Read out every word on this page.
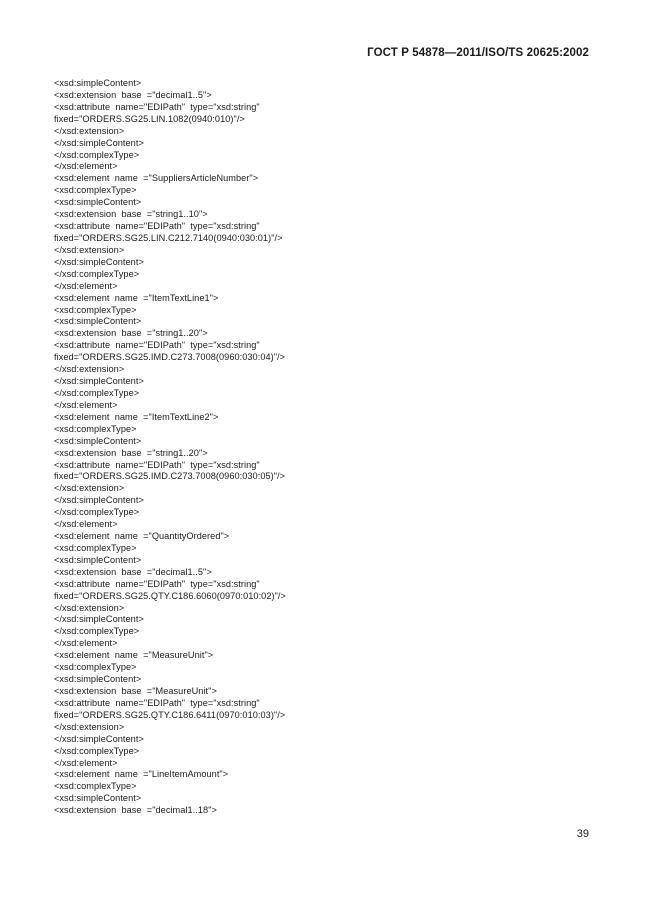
ГОСТ Р 54878—2011/ISO/TS 20625:2002
<xsd:simpleContent>
<xsd:extension  base  ="decimal1..5">
<xsd:attribute  name="EDIPath"  type="xsd:string"
fixed="ORDERS.SG25.LIN.1082(0940:010)"/>
</xsd:extension>
</xsd:simpleContent>
</xsd:complexType>
</xsd:element>
<xsd:element  name  ="SuppliersArticleNumber">
<xsd:complexType>
<xsd:simpleContent>
<xsd:extension  base  ="string1..10">
<xsd:attribute  name="EDIPath"  type="xsd:string"
fixed="ORDERS.SG25.LIN.C212.7140(0940:030:01)"/>
</xsd:extension>
</xsd:simpleContent>
</xsd:complexType>
</xsd:element>
<xsd:element  name  ="ItemTextLine1">
<xsd:complexType>
<xsd:simpleContent>
<xsd:extension  base  ="string1..20">
<xsd:attribute  name="EDIPath"  type="xsd:string"
fixed="ORDERS.SG25.IMD.C273.7008(0960:030:04)"/>
</xsd:extension>
</xsd:simpleContent>
</xsd:complexType>
</xsd:element>
<xsd:element  name  ="ItemTextLine2">
<xsd:complexType>
<xsd:simpleContent>
<xsd:extension  base  ="string1..20">
<xsd:attribute  name="EDIPath"  type="xsd:string"
fixed="ORDERS.SG25.IMD.C273.7008(0960:030:05)"/>
</xsd:extension>
</xsd:simpleContent>
</xsd:complexType>
</xsd:element>
<xsd:element  name  ="QuantityOrdered">
<xsd:complexType>
<xsd:simpleContent>
<xsd:extension  base  ="decimal1..5">
<xsd:attribute  name="EDIPath"  type="xsd:string"
fixed="ORDERS.SG25.QTY.C186.6060(0970:010:02)"/>
</xsd:extension>
</xsd:simpleContent>
</xsd:complexType>
</xsd:element>
<xsd:element  name  ="MeasureUnit">
<xsd:complexType>
<xsd:simpleContent>
<xsd:extension  base  ="MeasureUnit">
<xsd:attribute  name="EDIPath"  type="xsd:string"
fixed="ORDERS.SG25.QTY.C186.6411(0970:010:03)"/>
</xsd:extension>
</xsd:simpleContent>
</xsd:complexType>
</xsd:element>
<xsd:element  name  ="LineItemAmount">
<xsd:complexType>
<xsd:simpleContent>
<xsd:extension  base  ="decimal1..18">
39
